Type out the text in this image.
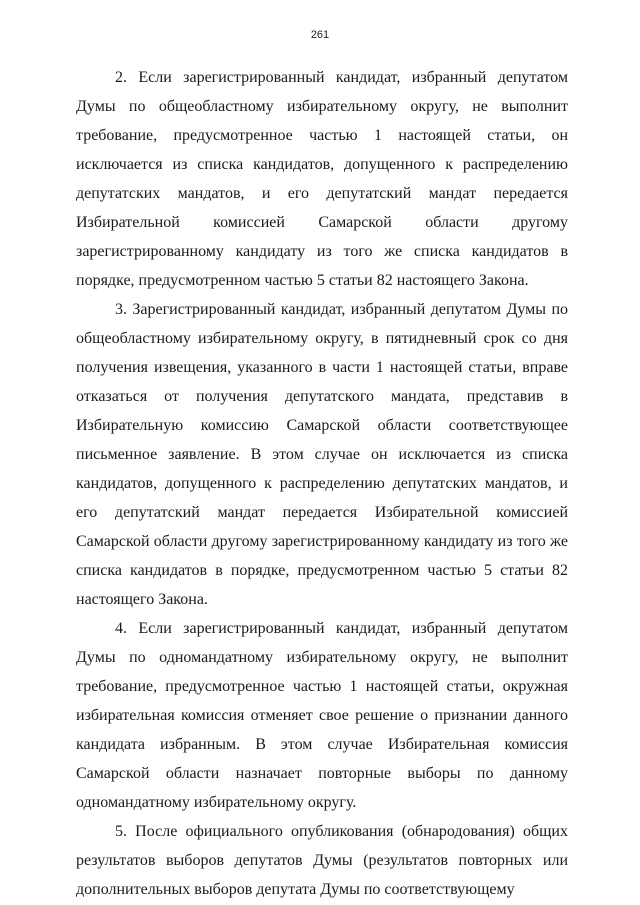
261

2. Если зарегистрированный кандидат, избранный депутатом Думы по общеобластному избирательному округу, не выполнит требование, предусмотренное частью 1 настоящей статьи, он исключается из списка кандидатов, допущенного к распределению депутатских мандатов, и его депутатский мандат передается Избирательной комиссией Самарской области другому зарегистрированному кандидату из того же списка кандидатов в порядке, предусмотренном частью 5 статьи 82 настоящего Закона.

3. Зарегистрированный кандидат, избранный депутатом Думы по общеобластному избирательному округу, в пятидневный срок со дня получения извещения, указанного в части 1 настоящей статьи, вправе отказаться от получения депутатского мандата, представив в Избирательную комиссию Самарской области соответствующее письменное заявление. В этом случае он исключается из списка кандидатов, допущенного к распределению депутатских мандатов, и его депутатский мандат передается Избирательной комиссией Самарской области другому зарегистрированному кандидату из того же списка кандидатов в порядке, предусмотренном частью 5 статьи 82 настоящего Закона.

4. Если зарегистрированный кандидат, избранный депутатом Думы по одномандатному избирательному округу, не выполнит требование, предусмотренное частью 1 настоящей статьи, окружная избирательная комиссия отменяет свое решение о признании данного кандидата избранным. В этом случае Избирательная комиссия Самарской области назначает повторные выборы по данному одномандатному избирательному округу.

5. После официального опубликования (обнародования) общих результатов выборов депутатов Думы (результатов повторных или дополнительных выборов депутата Думы по соответствующему
